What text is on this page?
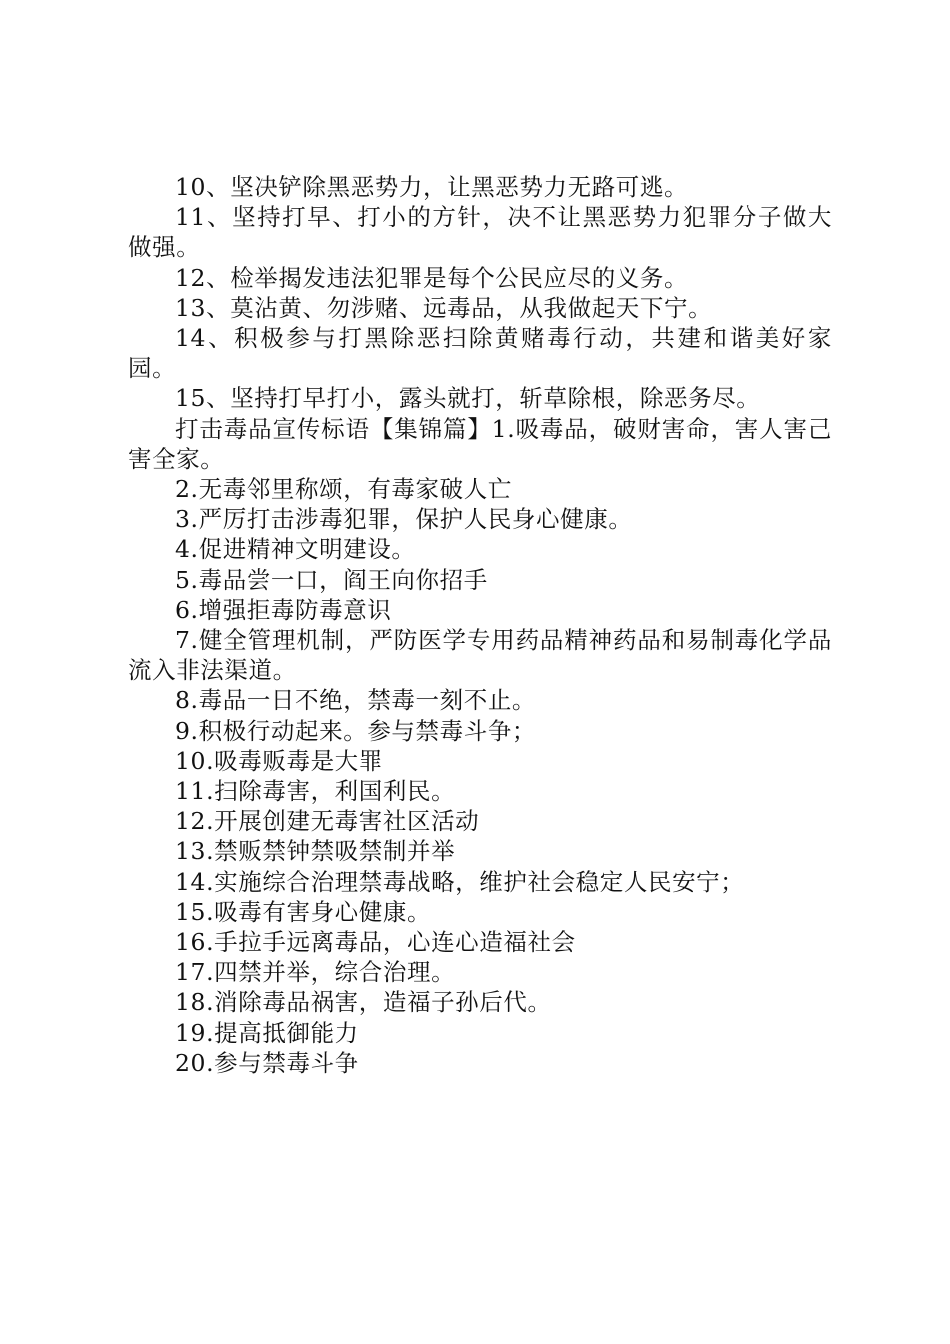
10、坚决铲除黑恶势力，让黑恶势力无路可逃。

11、坚持打早、打小的方针，决不让黑恶势力犯罪分子做大做强。

12、检举揭发违法犯罪是每个公民应尽的义务。

13、莫沾黄、勿涉赌、远毒品，从我做起天下宁。

14、积极参与打黑除恶扫除黄赌毒行动，共建和谐美好家园。

15、坚持打早打小，露头就打，斩草除根，除恶务尽。

打击毒品宣传标语【集锦篇】1.吸毒品，破财害命，害人害己害全家。

2.无毒邻里称颂，有毒家破人亡

3.严厉打击涉毒犯罪，保护人民身心健康。

4.促进精神文明建设。

5.毒品尝一口，阎王向你招手

6.增强拒毒防毒意识

7.健全管理机制，严防医学专用药品精神药品和易制毒化学品流入非法渠道。

8.毒品一日不绝，禁毒一刻不止。

9.积极行动起来。参与禁毒斗争；

10.吸毒贩毒是大罪

11.扫除毒害，利国利民。

12.开展创建无毒害社区活动

13.禁贩禁钟禁吸禁制并举

14.实施综合治理禁毒战略，维护社会稳定人民安宁；

15.吸毒有害身心健康。

16.手拉手远离毒品，心连心造福社会

17.四禁并举，综合治理。

18.消除毒品祸害，造福子孙后代。

19.提高抵御能力

20.参与禁毒斗争
